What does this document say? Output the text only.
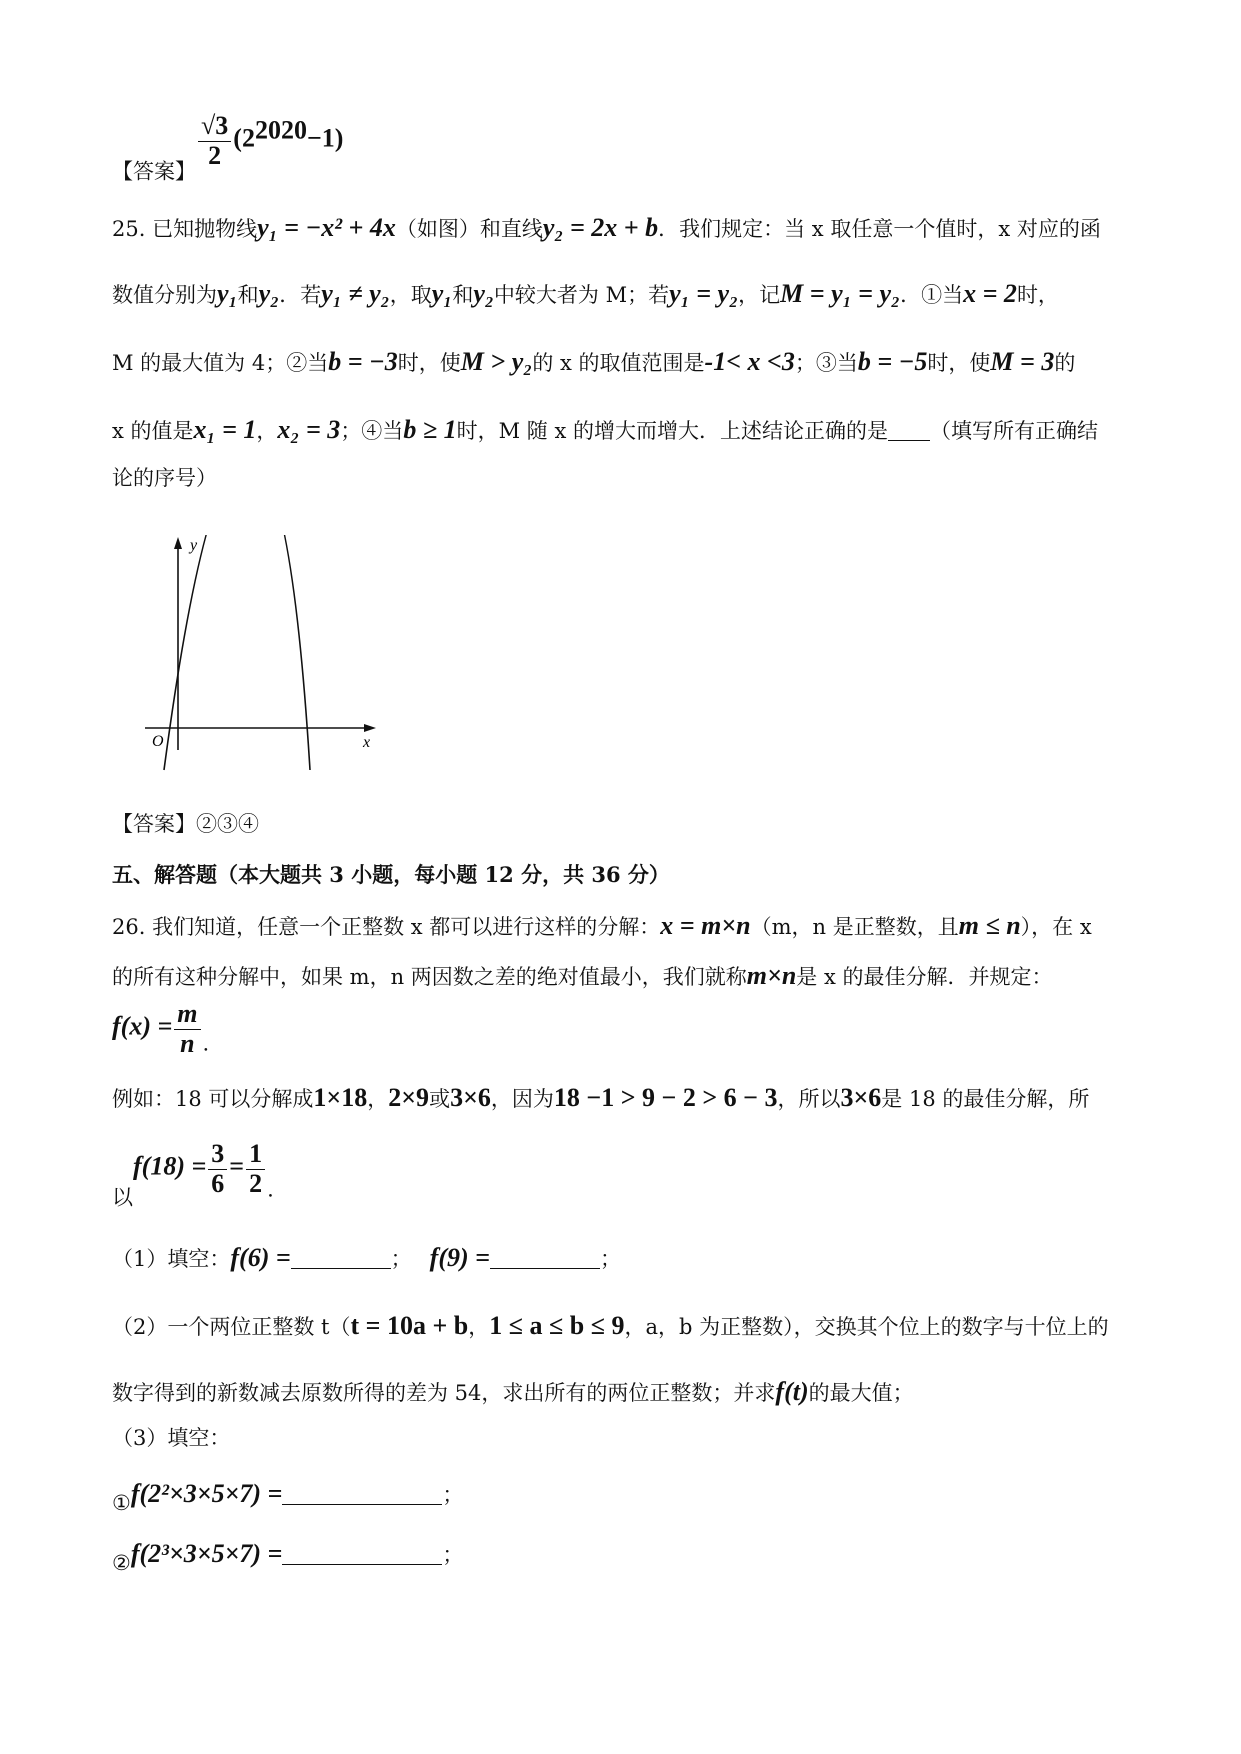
【答案】
$\frac{√3}{2} (2^{2020}-1)$
25. 已知抛物线y₁ = −x² + 4x（如图）和直线y₂ = 2x + b．我们规定：当 x 取任意一个值时，x 对应的函
数值分别为y₁和y₂．若y₁ ≠ y₂，取y₁和y₂中较大者为 M；若y₁ = y₂，记M = y₁ = y₂．①当x = 2时，
M 的最大值为 4；②当b = −3时，使M > y₂的 x 的取值范围是-1< x <3；③当b = −5时，使M = 3的
x 的值是x₁ = 1，x₂ = 3；④当b ≥ 1时，M 随 x 的增大而增大．上述结论正确的是 （填写所有正确结
论的序号）
y
x
O
【答案】②③④
五、解答题（本大题共 3 小题，每小题 12 分，共 36 分）
26. 我们知道，任意一个正整数 x 都可以进行这样的分解：x = m×n（m，n 是正整数，且m ≤ n），在 x
的所有这种分解中，如果 m，n 两因数之差的绝对值最小，我们就称m×n是 x 的最佳分解．并规定：
$f(x) = \frac{m}{n}$ .
例如：18 可以分解成1×18，2×9或3×6，因为18 −1 > 9 − 2 > 6 − 3，所以3×6是 18 的最佳分解，所
以$f(18) = \frac{3}{6} = \frac{1}{2}$ .
（1）填空：f(6) =	； f(9) =	；
（2）一个两位正整数 t（t = 10a + b，1 ≤ a ≤ b ≤ 9，a，b 为正整数），交换其个位上的数字与十位上的
数字得到的新数减去原数所得的差为 54，求出所有的两位正整数；并求f(t)的最大值；
（3）填空：
①f(2²×3×5×7) =	；
②f(2³×3×5×7) =	；
